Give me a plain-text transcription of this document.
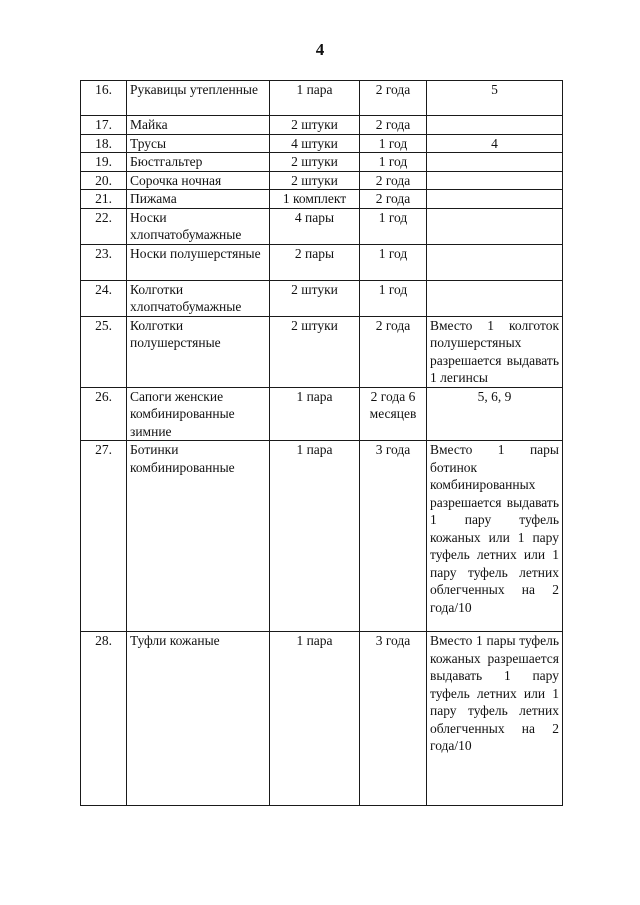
4
16.	Рукавицы утепленные	1 пара	2 года	5
17.	Майка	2 штуки	2 года	
18.	Трусы	4 штуки	1 год	4
19.	Бюстгальтер	2 штуки	1 год	
20.	Сорочка ночная	2 штуки	2 года	
21.	Пижама	1 комплект	2 года	
22.	Носки хлопчатобумажные	4 пары	1 год	
23.	Носки полушерстяные	2 пары	1 год	
24.	Колготки хлопчатобумажные	2 штуки	1 год	
25.	Колготки полушерстяные	2 штуки	2 года	Вместо 1 колготок полушерстяных разрешается выдавать 1 легинсы
26.	Сапоги женские комбинированные зимние	1 пара	2 года 6 месяцев	5, 6, 9
27.	Ботинки комбинированные	1 пара	3 года	Вместо 1 пары ботинок комбинированных разрешается выдавать 1 пару туфель кожаных или 1 пару туфель летних или 1 пару туфель летних облегченных на 2 года/10
28.	Туфли кожаные	1 пара	3 года	Вместо 1 пары туфель кожаных разрешается выдавать 1 пару туфель летних или 1 пару туфель летних облегченных на 2 года/10
